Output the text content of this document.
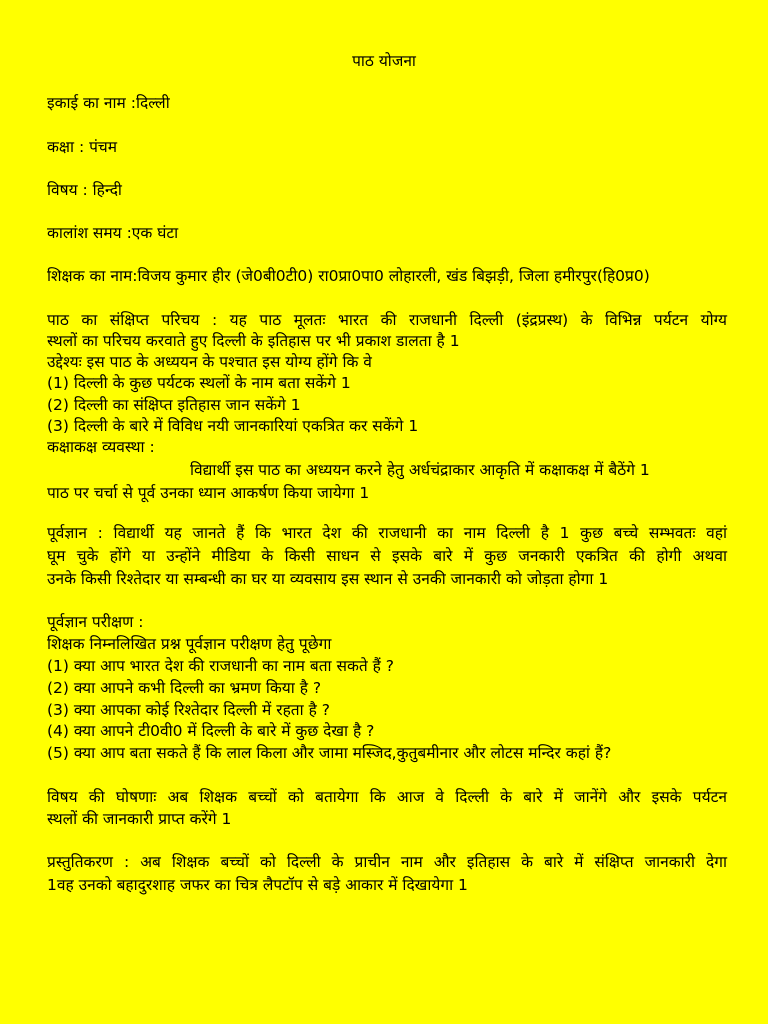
पाठ योजना
इकाई का नाम :दिल्ली
कक्षा : पंचम
विषय : हिन्दी
कालांश समय :एक घंटा
शिक्षक का नाम:विजय कुमार हीर (जे0बी0टी0) रा0प्रा0पा0 लोहारली, खंड बिझड़ी, जिला हमीरपुर(हि0प्र0)
पाठ का संक्षिप्त परिचय : यह पाठ मूलतः भारत की राजधानी दिल्ली (इंद्रप्रस्थ) के विभिन्न पर्यटन योग्य
स्थलों का परिचय करवाते हुए दिल्ली के इतिहास पर भी प्रकाश डालता है 1
उद्देश्यः इस पाठ के अध्ययन के पश्चात इस योग्य होंगे कि वे
(1) दिल्ली के कुछ पर्यटक स्थलों के नाम बता सकेंगे 1
(2) दिल्ली का संक्षिप्त इतिहास जान सकेंगे 1
(3) दिल्ली के बारे में विविध नयी जानकारियां एकत्रित कर सकेंगे 1
कक्षाकक्ष व्यवस्था :
विद्यार्थी इस पाठ का अध्ययन करने हेतु अर्धचंद्राकार आकृति में कक्षाकक्ष में बैठेंगे 1
पाठ पर चर्चा से पूर्व उनका ध्यान आकर्षण किया जायेगा 1
पूर्वज्ञान : विद्यार्थी यह जानते हैं कि भारत देश की राजधानी का नाम दिल्ली है 1 कुछ बच्चे सम्भवतः वहां
घूम चुके होंगे या उन्होंने मीडिया के किसी साधन से इसके बारे में कुछ जनकारी एकत्रित की होगी अथवा
उनके किसी रिश्तेदार या सम्बन्धी का घर या व्यवसाय इस स्थान से उनकी जानकारी को जोड़ता होगा 1
पूर्वज्ञान परीक्षण :
शिक्षक निम्नलिखित प्रश्न पूर्वज्ञान परीक्षण हेतु पूछेगा
(1) क्या आप भारत देश की राजधानी का नाम बता सकते हैं ?
(2) क्या आपने कभी दिल्ली का भ्रमण किया है ?
(3) क्या आपका कोई रिश्तेदार दिल्ली में रहता है ?
(4) क्या आपने टी0वी0 में दिल्ली के बारे में कुछ देखा है ?
(5) क्या आप बता सकते हैं कि लाल किला और जामा मस्जिद,कुतुबमीनार और लोटस मन्दिर कहां हैं?
विषय की घोषणाः अब शिक्षक बच्चों को बतायेगा कि आज वे दिल्ली के बारे में जानेंगे और इसके पर्यटन
स्थलों की जानकारी प्राप्त करेंगे 1
प्रस्तुतिकरण : अब शिक्षक बच्चों को दिल्ली के प्राचीन नाम और इतिहास के बारे में संक्षिप्त जानकारी देगा
1वह उनको बहादुरशाह जफर का चित्र लैपटॉप से बड़े आकार में दिखायेगा 1
